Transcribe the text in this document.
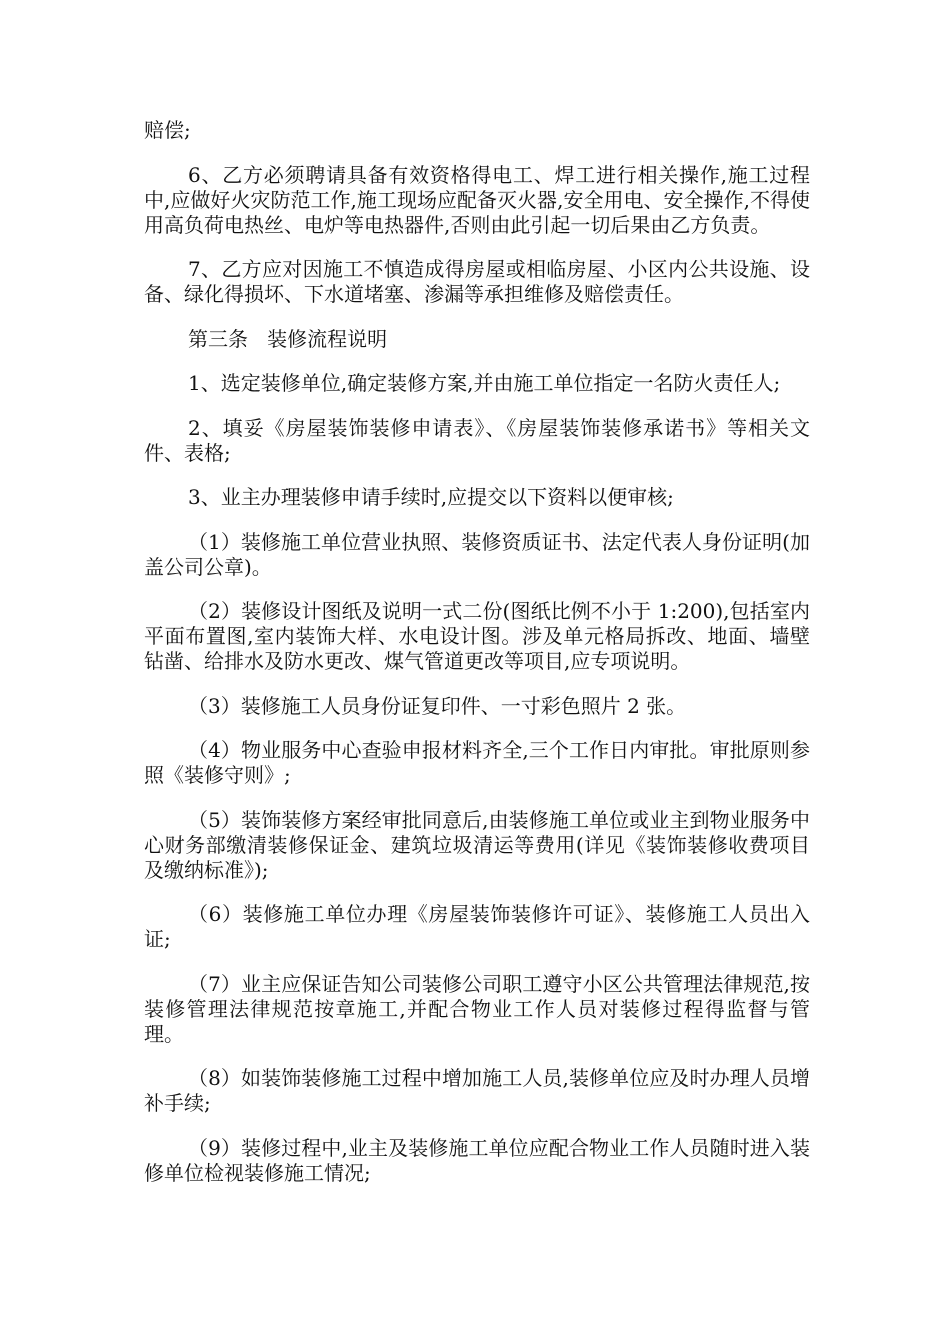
赔偿;

6、乙方必须聘请具备有效资格得电工、焊工进行相关操作,施工过程中,应做好火灾防范工作,施工现场应配备灭火器,安全用电、安全操作,不得使用高负荷电热丝、电炉等电热器件,否则由此引起一切后果由乙方负责。

7、乙方应对因施工不慎造成得房屋或相临房屋、小区内公共设施、设备、绿化得损坏、下水道堵塞、渗漏等承担维修及赔偿责任。

第三条   装修流程说明

1、选定装修单位,确定装修方案,并由施工单位指定一名防火责任人;

2、填妥《房屋装饰装修申请表》、《房屋装饰装修承诺书》等相关文件、表格;

3、业主办理装修申请手续时,应提交以下资料以便审核;

（1）装修施工单位营业执照、装修资质证书、法定代表人身份证明(加盖公司公章)。

（2）装修设计图纸及说明一式二份(图纸比例不小于 1:200),包括室内平面布置图,室内装饰大样、水电设计图。涉及单元格局拆改、地面、墙壁钻凿、给排水及防水更改、煤气管道更改等项目,应专项说明。

（3）装修施工人员身份证复印件、一寸彩色照片 2 张。

（4）物业服务中心查验申报材料齐全,三个工作日内审批。审批原则参照《装修守则》;

（5）装饰装修方案经审批同意后,由装修施工单位或业主到物业服务中心财务部缴清装修保证金、建筑垃圾清运等费用(详见《装饰装修收费项目及缴纳标准》);

（6）装修施工单位办理《房屋装饰装修许可证》、装修施工人员出入证;

（7）业主应保证告知公司装修公司职工遵守小区公共管理法律规范,按装修管理法律规范按章施工,并配合物业工作人员对装修过程得监督与管理。

（8）如装饰装修施工过程中增加施工人员,装修单位应及时办理人员增补手续;

（9）装修过程中,业主及装修施工单位应配合物业工作人员随时进入装修单位检视装修施工情况;
